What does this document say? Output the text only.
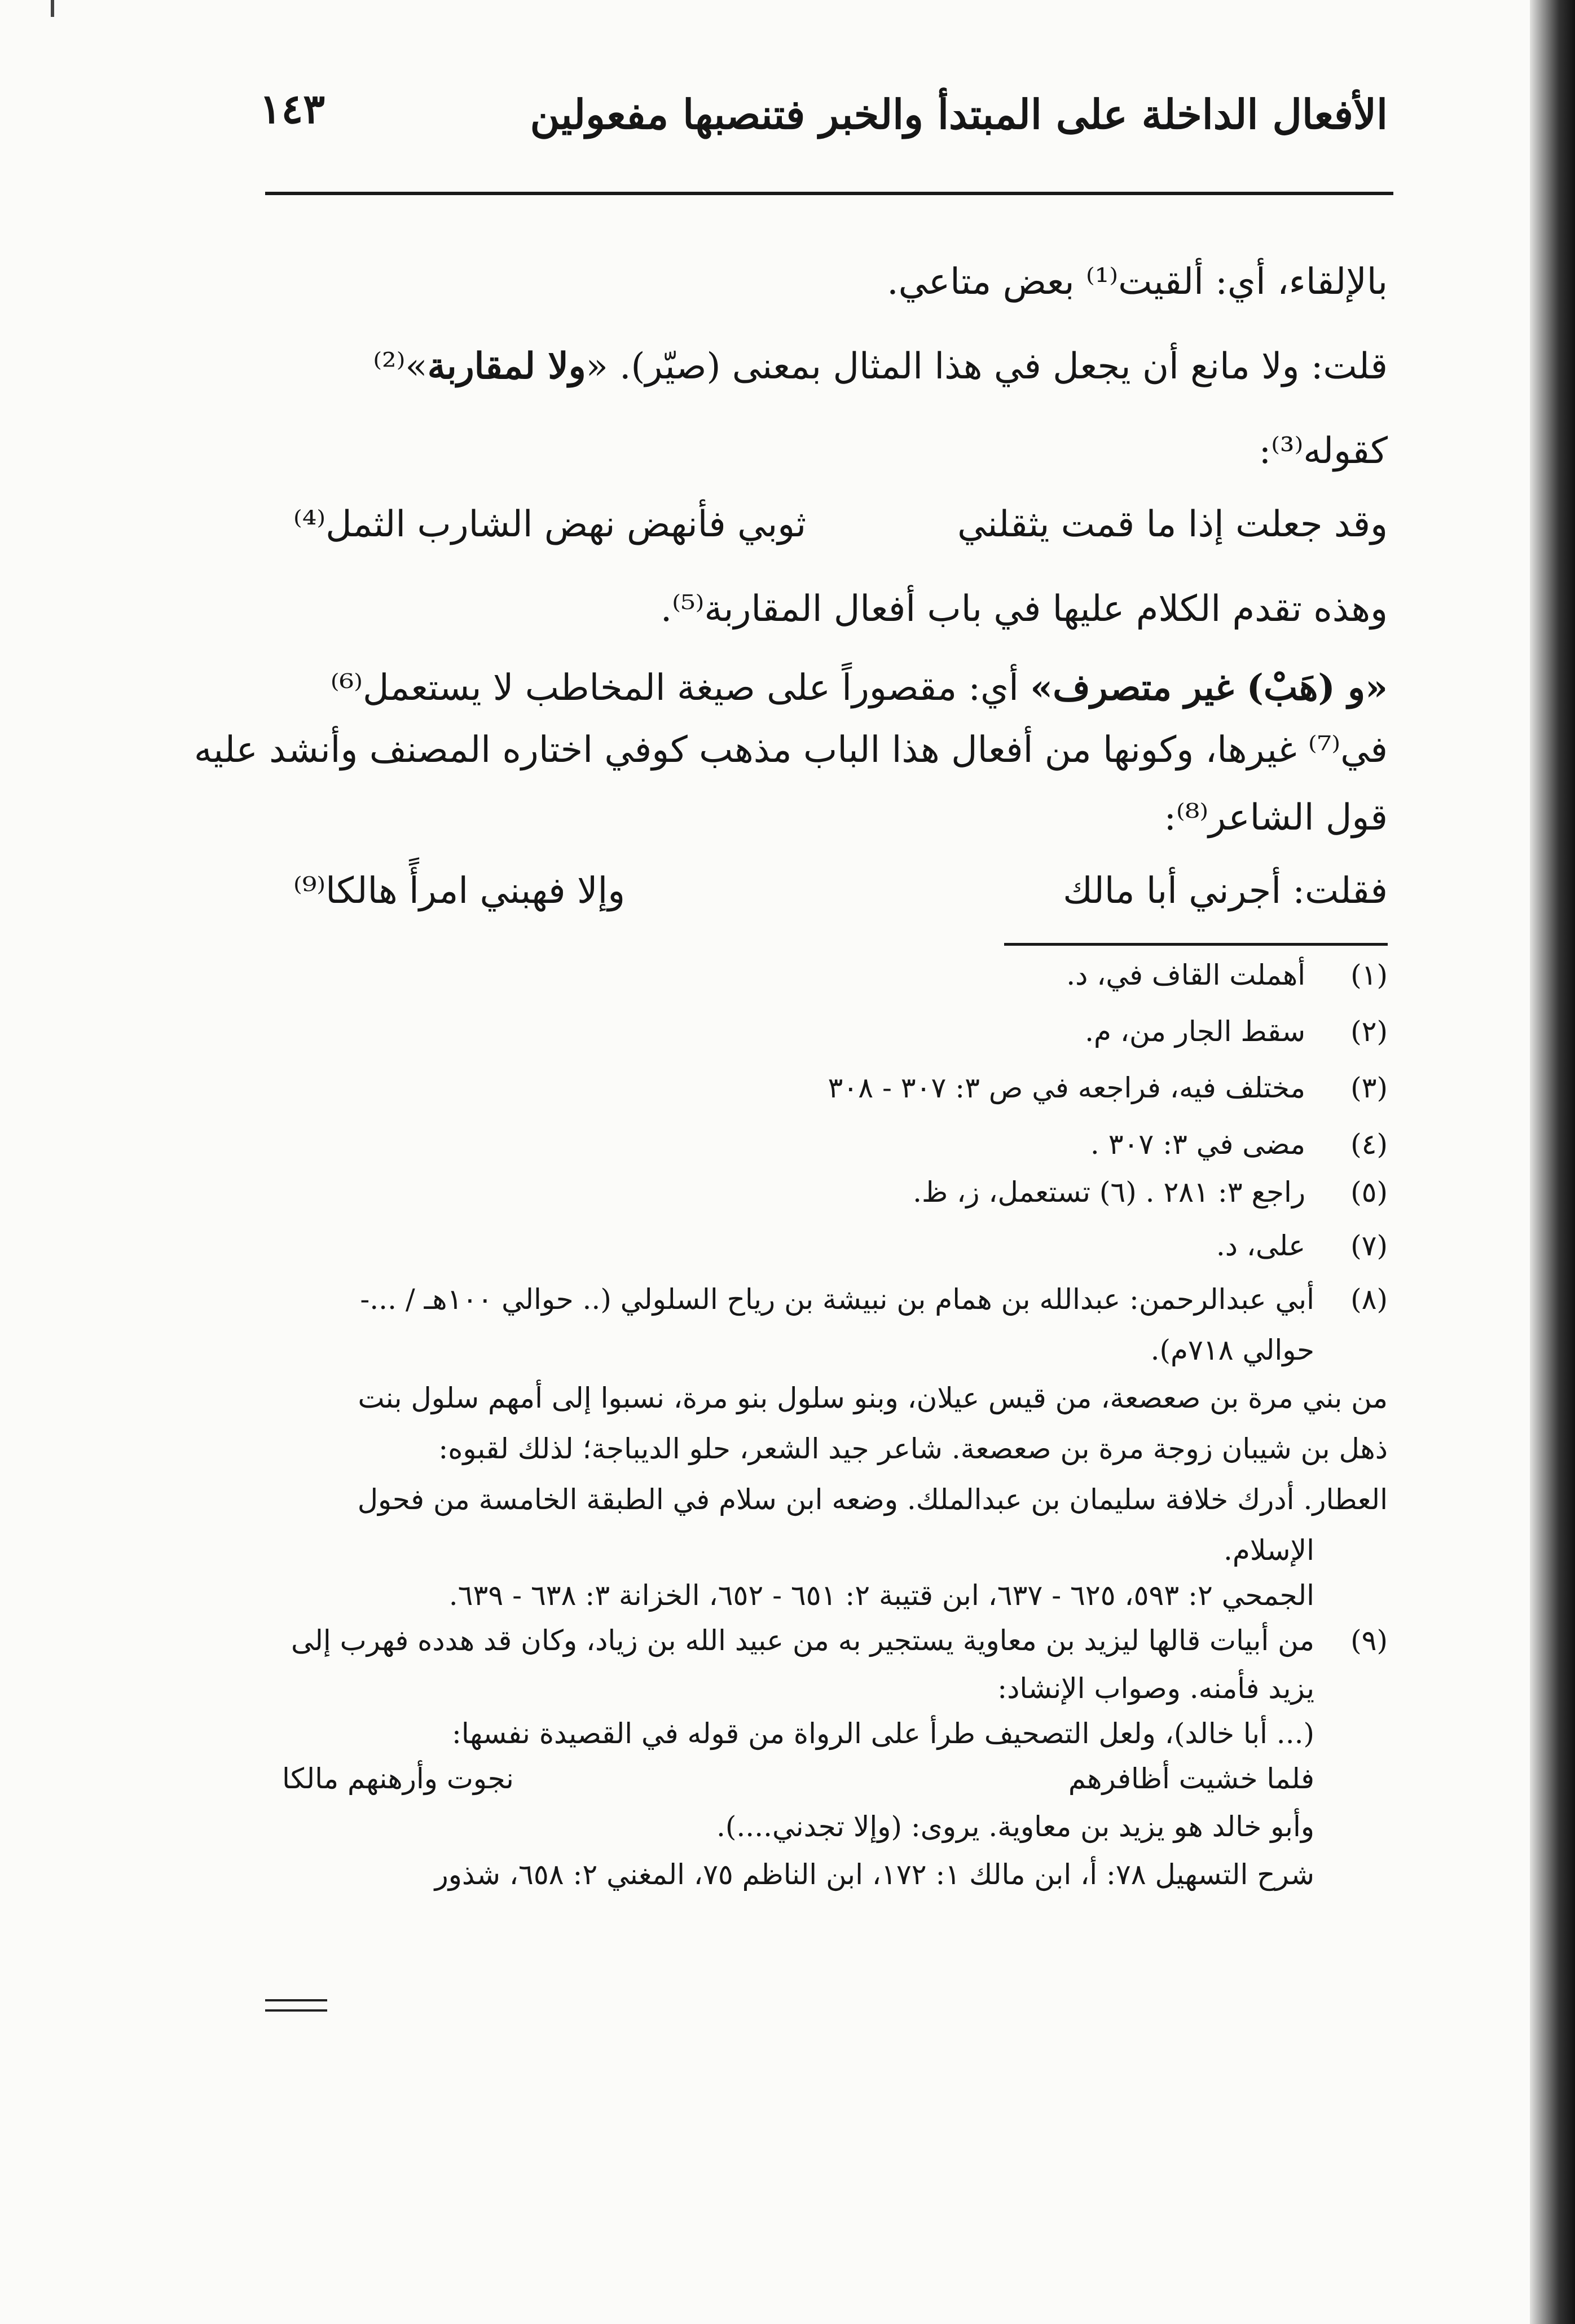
الأفعال الداخلة على المبتدأ والخبر فتنصبها مفعولين
١٤٣
بالإلقاء، أي: ألقيت⁽¹⁾ بعض متاعي.
قلت: ولا مانع أن يجعل في هذا المثال بمعنى (صيّر). «ولا لمقاربة»⁽²⁾
كقوله⁽³⁾:
وقد جعلت إذا ما قمت يثقلني
ثوبي فأنهض نهض الشارب الثمل⁽⁴⁾
وهذه تقدم الكلام عليها في باب أفعال المقاربة⁽⁵⁾.
«و (هَبْ) غير متصرف» أي: مقصوراً على صيغة المخاطب لا يستعمل⁽⁶⁾
في⁽⁷⁾ غيرها، وكونها من أفعال هذا الباب مذهب كوفي اختاره المصنف وأنشد عليه
قول الشاعر⁽⁸⁾:
فقلت: أجرني أبا مالك
وإلا فهبني امرأً هالكا⁽⁹⁾
(١) أهملت القاف في، د.
(٢) سقط الجار من، م.
(٣) مختلف فيه، فراجعه في ص ٣: ٣٠٧ - ٣٠٨
(٤) مضى في ٣: ٣٠٧ .
(٥) راجع ٣: ٢٨١ . (٦) تستعمل، ز، ظ.
(٧) على، د.
(٨)
أبي عبدالرحمن: عبدالله بن همام بن نبيشة بن رياح السلولي (.. حوالي ١٠٠هـ / ...-
حوالي ٧١٨م).
من بني مرة بن صعصعة، من قيس عيلان، وبنو سلول بنو مرة، نسبوا إلى أمهم سلول بنت
ذهل بن شيبان زوجة مرة بن صعصعة. شاعر جيد الشعر، حلو الديباجة؛ لذلك لقبوه:
العطار. أدرك خلافة سليمان بن عبدالملك. وضعه ابن سلام في الطبقة الخامسة من فحول
الإسلام.
الجمحي ٢: ٥٩٣، ٦٢٥ - ٦٣٧، ابن قتيبة ٢: ٦٥١ - ٦٥٢، الخزانة ٣: ٦٣٨ - ٦٣٩.
(٩)
من أبيات قالها ليزيد بن معاوية يستجير به من عبيد الله بن زياد، وكان قد هدده فهرب إلى
يزيد فأمنه. وصواب الإنشاد:
(... أبا خالد)، ولعل التصحيف طرأ على الرواة من قوله في القصيدة نفسها:
فلما خشيت أظافرهم
نجوت وأرهنهم مالكا
وأبو خالد هو يزيد بن معاوية. يروى: (وإلا تجدني....).
شرح التسهيل ٧٨: أ، ابن مالك ١: ١٧٢، ابن الناظم ٧٥، المغني ٢: ٦٥٨، شذور
